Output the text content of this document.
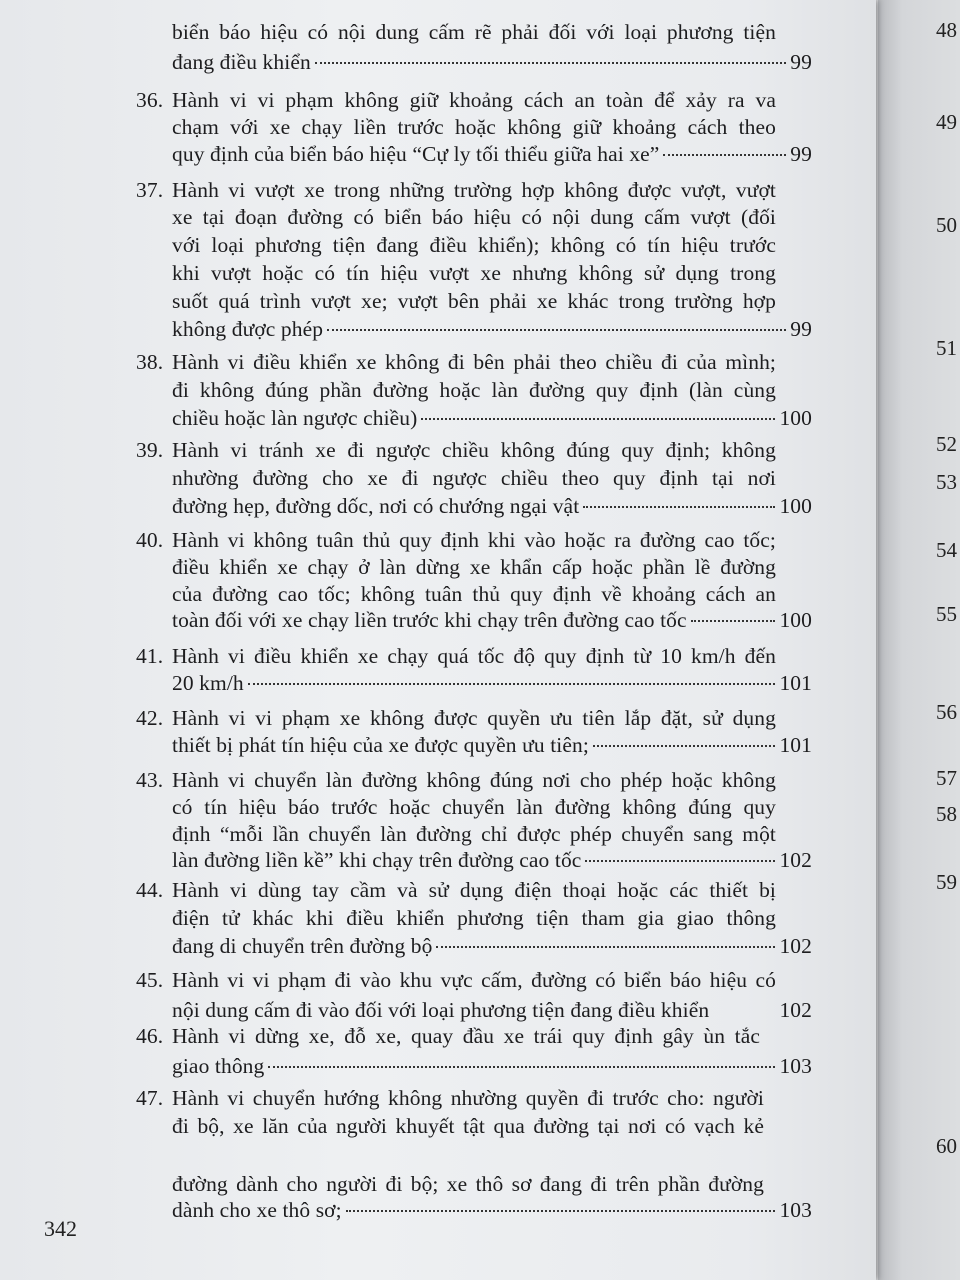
48
49
50
51
52
53
54
55
56
57
58
59
60
biển báo hiệu có nội dung cấm rẽ phải đối với loại phương tiện
đang điều khiển	99
36. Hành vi vi phạm không giữ khoảng cách an toàn để xảy ra va
chạm với xe chạy liền trước hoặc không giữ khoảng cách theo
quy định của biển báo hiệu “Cự ly tối thiểu giữa hai xe”	99
37. Hành vi vượt xe trong những trường hợp không được vượt, vượt
xe tại đoạn đường có biển báo hiệu có nội dung cấm vượt (đối
với loại phương tiện đang điều khiển); không có tín hiệu trước
khi vượt hoặc có tín hiệu vượt xe nhưng không sử dụng trong
suốt quá trình vượt xe; vượt bên phải xe khác trong trường hợp
không được phép	99
38. Hành vi điều khiển xe không đi bên phải theo chiều đi của mình;
đi không đúng phần đường hoặc làn đường quy định (làn cùng
chiều hoặc làn ngược chiều)	100
39. Hành vi tránh xe đi ngược chiều không đúng quy định; không
nhường đường cho xe đi ngược chiều theo quy định tại nơi
đường hẹp, đường dốc, nơi có chướng ngại vật	100
40. Hành vi không tuân thủ quy định khi vào hoặc ra đường cao tốc;
điều khiển xe chạy ở làn dừng xe khẩn cấp hoặc phần lề đường
của đường cao tốc; không tuân thủ quy định về khoảng cách an
toàn đối với xe chạy liền trước khi chạy trên đường cao tốc	100
41. Hành vi điều khiển xe chạy quá tốc độ quy định từ 10 km/h đến
20 km/h	101
42. Hành vi vi phạm xe không được quyền ưu tiên lắp đặt, sử dụng
thiết bị phát tín hiệu của xe được quyền ưu tiên;	101
43. Hành vi chuyển làn đường không đúng nơi cho phép hoặc không
có tín hiệu báo trước hoặc chuyển làn đường không đúng quy
định “mỗi lần chuyển làn đường chỉ được phép chuyển sang một
làn đường liền kề” khi chạy trên đường cao tốc	102
44. Hành vi dùng tay cầm và sử dụng điện thoại hoặc các thiết bị
điện tử khác khi điều khiển phương tiện tham gia giao thông
đang di chuyển trên đường bộ	102
45. Hành vi vi phạm đi vào khu vực cấm, đường có biển báo hiệu có
nội dung cấm đi vào đối với loại phương tiện đang điều khiển	102
46. Hành vi dừng xe, đỗ xe, quay đầu xe trái quy định gây ùn tắc
giao thông	103
47. Hành vi chuyển hướng không nhường quyền đi trước cho: người
đi bộ, xe lăn của người khuyết tật qua đường tại nơi có vạch kẻ
đường dành cho người đi bộ; xe thô sơ đang đi trên phần đường
dành cho xe thô sơ;	103
342
